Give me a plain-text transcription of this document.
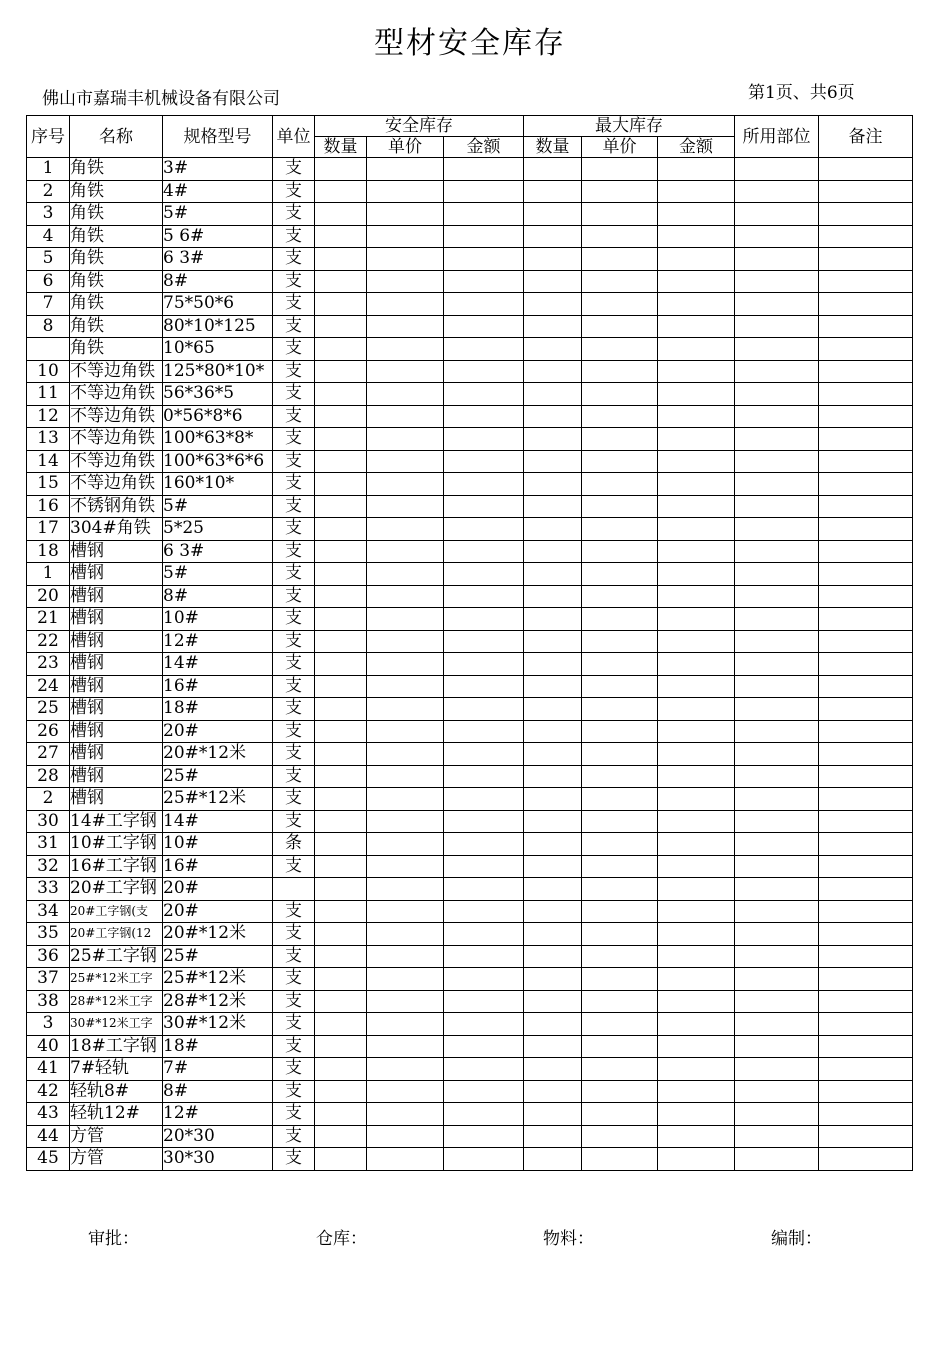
型材安全库存
佛山市嘉瑞丰机械设备有限公司	第1页、共6页
序号	名称	规格型号	单位	安全库存			最大库存			所用部位	备注
				数量	单价	金额	数量	单价	金额		
1	角铁	3#	支								
2	角铁	4#	支								
3	角铁	5#	支								
4	角铁	5 6#	支								
5	角铁	6 3#	支								
6	角铁	8#	支								
7	角铁	75*50*6	支								
8	角铁	80*10*125	支								
	角铁	10*65	支								
10	不等边角铁	125*80*10*	支								
11	不等边角铁	56*36*5	支								
12	不等边角铁	0*56*8*6	支								
13	不等边角铁	100*63*8*	支								
14	不等边角铁	100*63*6*6	支								
15	不等边角铁	160*10*	支								
16	不锈钢角铁	5#	支								
17	304#角铁	5*25	支								
18	槽钢	6 3#	支								
1	槽钢	5#	支								
20	槽钢	8#	支								
21	槽钢	10#	支								
22	槽钢	12#	支								
23	槽钢	14#	支								
24	槽钢	16#	支								
25	槽钢	18#	支								
26	槽钢	20#	支								
27	槽钢	20#*12米	支								
28	槽钢	25#	支								
2	槽钢	25#*12米	支								
30	14#工字钢	14#	支								
31	10#工字钢	10#	条								
32	16#工字钢	16#	支								
33	20#工字钢	20#									
34	20#工字钢(支	20#	支								
35	20#工字钢(12	20#*12米	支								
36	25#工字钢	25#	支								
37	25#*12米工字	25#*12米	支								
38	28#*12米工字	28#*12米	支								
3	30#*12米工字	30#*12米	支								
40	18#工字钢	18#	支								
41	7#轻轨	7#	支								
42	轻轨8#	8#	支								
43	轻轨12#	12#	支								
44	方管	20*30	支								
45	方管	30*30	支								
审批：	仓库：	物料：	编制：
